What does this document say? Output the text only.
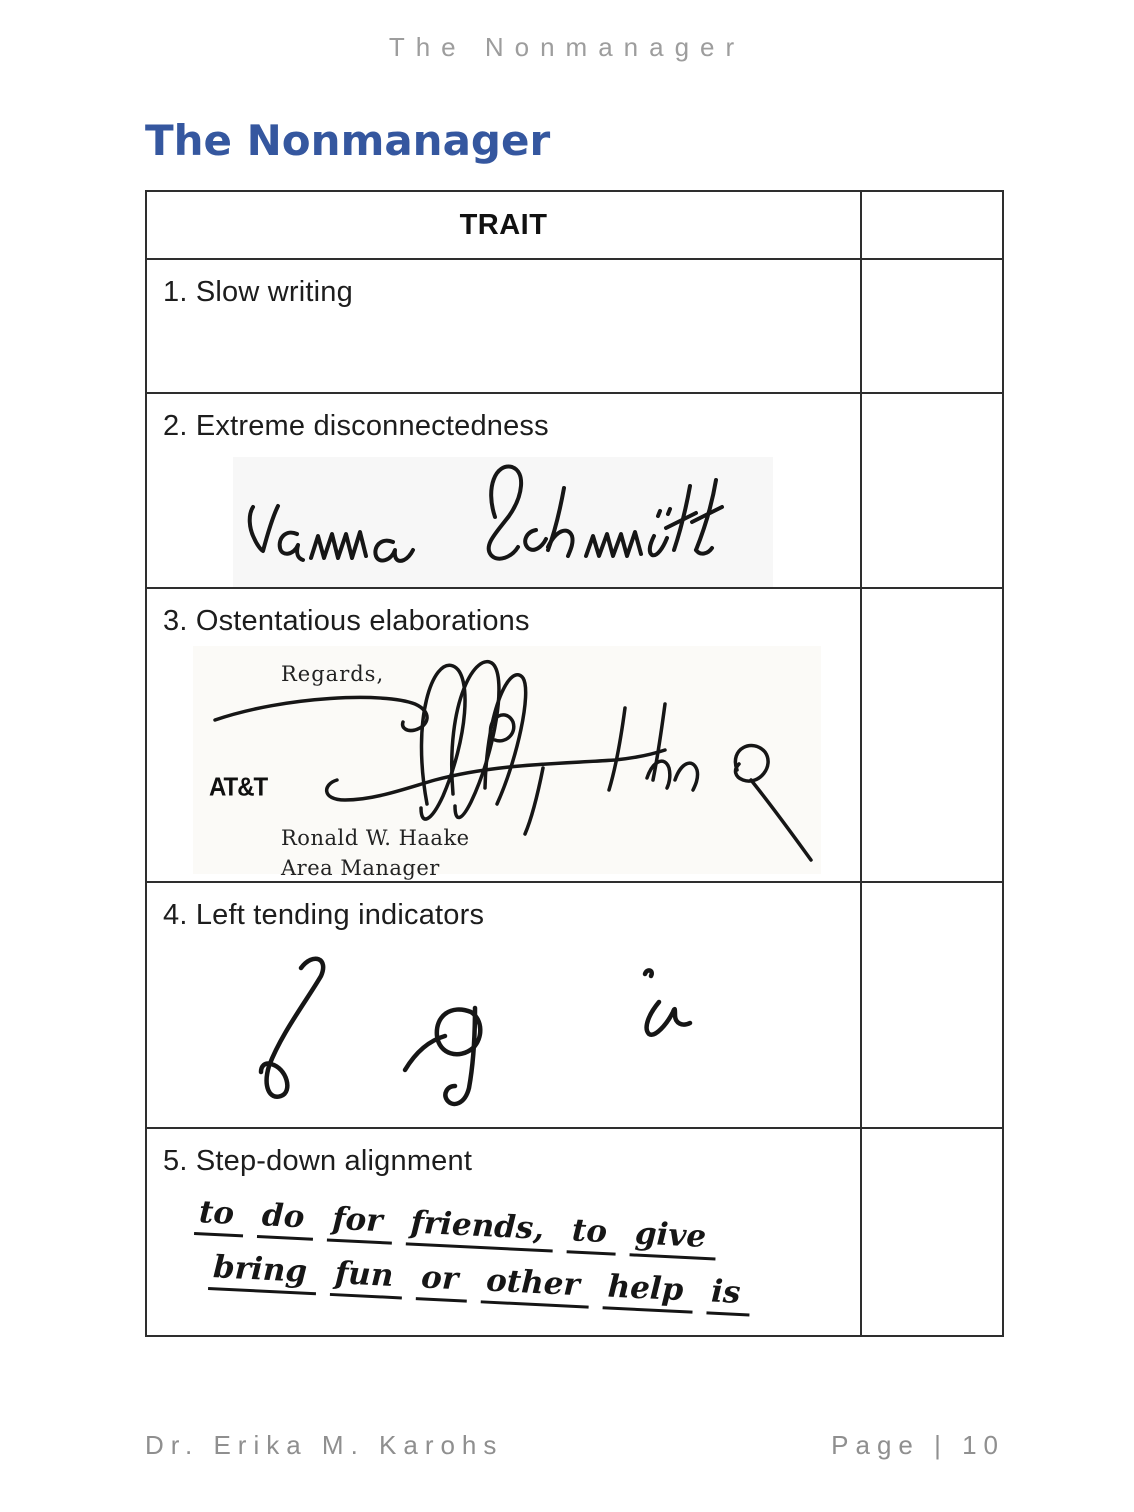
The Nonmanager
The Nonmanager
TRAIT	

1. Slow writing	

2. Extreme disconnectedness	

3. Ostentatious elaborations
Regards,
AT&T
Ronald W. Haake
Area Manager	

4. Left tending indicators	

5. Step-down alignment
to do for friends, to give
bring fun or other help is	

Dr. Erika M. Karohs	Page | 10
